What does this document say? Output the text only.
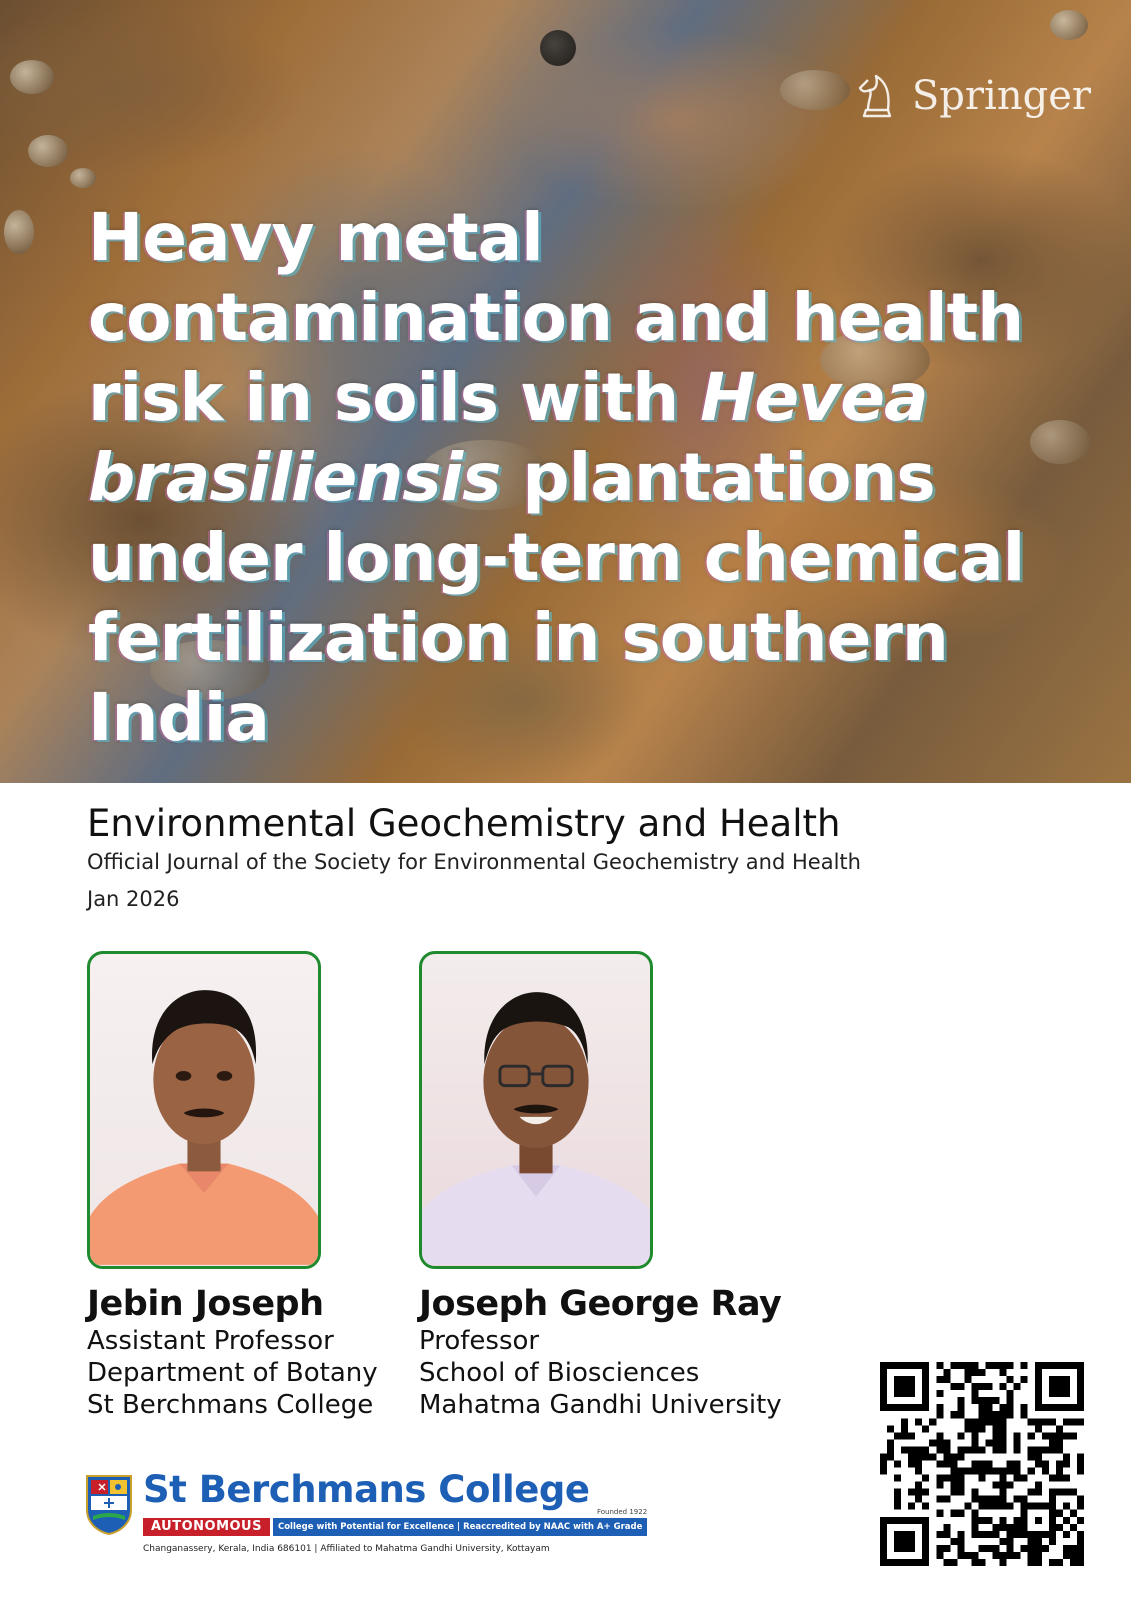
Springer
Heavy metal contamination and health risk in soils with Hevea brasiliensis plantations under long-term chemical fertilization in southern India
Environmental Geochemistry and Health
Official Journal of the Society for Environmental Geochemistry and Health
Jan 2026
Jebin Joseph
Assistant Professor
Department of Botany
St Berchmans College
Joseph George Ray
Professor
School of Biosciences
Mahatma Gandhi University
St Berchmans College
Founded 1922
AUTONOMOUS	College with Potential for Excellence | Reaccredited by NAAC with A+ Grade
Changanassery, Kerala, India 686101 | Affiliated to Mahatma Gandhi University, Kottayam
